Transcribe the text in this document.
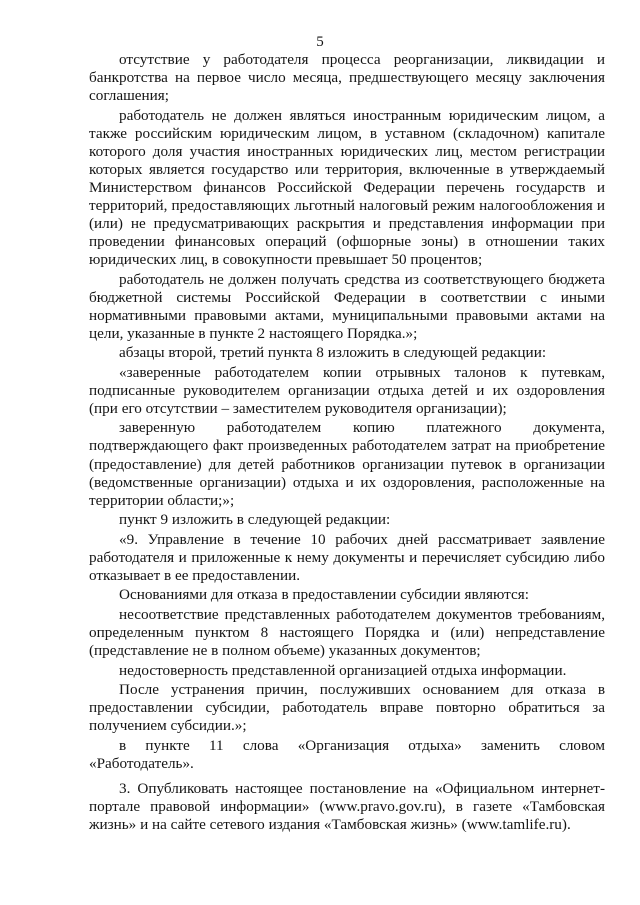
5

отсутствие у работодателя процесса реорганизации, ликвидации и банкротства на первое число месяца, предшествующего месяцу заключения соглашения;

работодатель не должен являться иностранным юридическим лицом, а также российским юридическим лицом, в уставном (складочном) капитале которого доля участия иностранных юридических лиц, местом регистрации которых является государство или территория, включенные в утверждаемый Министерством финансов Российской Федерации перечень государств и территорий, предоставляющих льготный налоговый режим налогообложения и (или) не предусматривающих раскрытия и представления информации при проведении финансовых операций (офшорные зоны) в отношении таких юридических лиц, в совокупности превышает 50 процентов;

работодатель не должен получать средства из соответствующего бюджета бюджетной системы Российской Федерации в соответствии с иными нормативными правовыми актами, муниципальными правовыми актами на цели, указанные в пункте 2 настоящего Порядка.»;

абзацы второй, третий пункта 8 изложить в следующей редакции:

«заверенные работодателем копии отрывных талонов к путевкам, подписанные руководителем организации отдыха детей и их оздоровления (при его отсутствии – заместителем руководителя организации);

заверенную работодателем копию платежного документа, подтверждающего факт произведенных работодателем затрат на приобретение (предоставление) для детей работников организации путевок в организации (ведомственные организации) отдыха и их оздоровления, расположенные на территории области;»;

пункт 9 изложить в следующей редакции:

«9. Управление в течение 10 рабочих дней рассматривает заявление работодателя и приложенные к нему документы и перечисляет субсидию либо отказывает в ее предоставлении.

Основаниями для отказа в предоставлении субсидии являются:

несоответствие представленных работодателем документов требованиям, определенным пунктом 8 настоящего Порядка и (или) непредставление (представление не в полном объеме) указанных документов;

недостоверность представленной организацией отдыха информации.

После устранения причин, послуживших основанием для отказа в предоставлении субсидии, работодатель вправе повторно обратиться за получением субсидии.»;

в пункте 11 слова «Организация отдыха» заменить словом «Работодатель».

3. Опубликовать настоящее постановление на «Официальном интернет-портале правовой информации» (www.pravo.gov.ru), в газете «Тамбовская жизнь» и на сайте сетевого издания «Тамбовская жизнь» (www.tamlife.ru).
